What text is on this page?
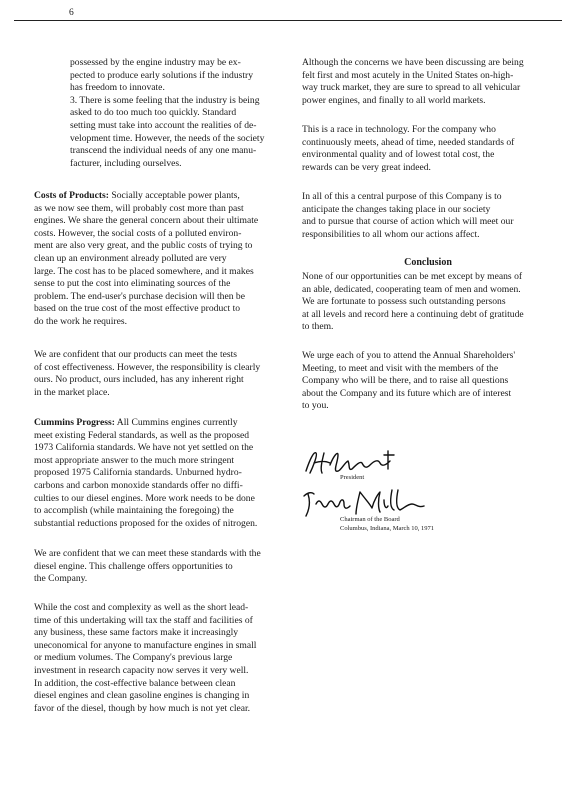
6

possessed by the engine industry may be ex-

pected to produce early solutions if the industry

has freedom to innovate.

3. There is some feeling that the industry is being

asked to do too much too quickly. Standard

setting must take into account the realities of de-

velopment time. However, the needs of the society

transcend the individual needs of any one manu-

facturer, including ourselves.

Costs of Products: Socially acceptable power plants,

as we now see them, will probably cost more than past

engines. We share the general concern about their ultimate

costs. However, the social costs of a polluted environ-

ment are also very great, and the public costs of trying to

clean up an environment already polluted are very

large. The cost has to be placed somewhere, and it makes

sense to put the cost into eliminating sources of the

problem. The end-user's purchase decision will then be

based on the true cost of the most effective product to

do the work he requires.

We are confident that our products can meet the tests

of cost effectiveness. However, the responsibility is clearly

ours. No product, ours included, has any inherent right

in the market place.

Cummins Progress: All Cummins engines currently

meet existing Federal standards, as well as the proposed

1973 California standards. We have not yet settled on the

most appropriate answer to the much more stringent

proposed 1975 California standards. Unburned hydro-

carbons and carbon monoxide standards offer no diffi-

culties to our diesel engines. More work needs to be done

to accomplish (while maintaining the foregoing) the

substantial reductions proposed for the oxides of nitrogen.

We are confident that we can meet these standards with the

diesel engine. This challenge offers opportunities to

the Company.

While the cost and complexity as well as the short lead-

time of this undertaking will tax the staff and facilities of

any business, these same factors make it increasingly

uneconomical for anyone to manufacture engines in small

or medium volumes. The Company's previous large

investment in research capacity now serves it very well.

In addition, the cost-effective balance between clean

diesel engines and clean gasoline engines is changing in

favor of the diesel, though by how much is not yet clear.

Although the concerns we have been discussing are being

felt first and most acutely in the United States on-high-

way truck market, they are sure to spread to all vehicular

power engines, and finally to all world markets.

This is a race in technology. For the company who

continuously meets, ahead of time, needed standards of

environmental quality and of lowest total cost, the

rewards can be very great indeed.

In all of this a central purpose of this Company is to

anticipate the changes taking place in our society

and to pursue that course of action which will meet our

responsibilities to all whom our actions affect.

Conclusion

None of our opportunities can be met except by means of

an able, dedicated, cooperating team of men and women.

We are fortunate to possess such outstanding persons

at all levels and record here a continuing debt of gratitude

to them.

We urge each of you to attend the Annual Shareholders'

Meeting, to meet and visit with the members of the

Company who will be there, and to raise all questions

about the Company and its future which are of interest

to you.

President
Chairman of the Board
Columbus, Indiana, March 10, 1971
